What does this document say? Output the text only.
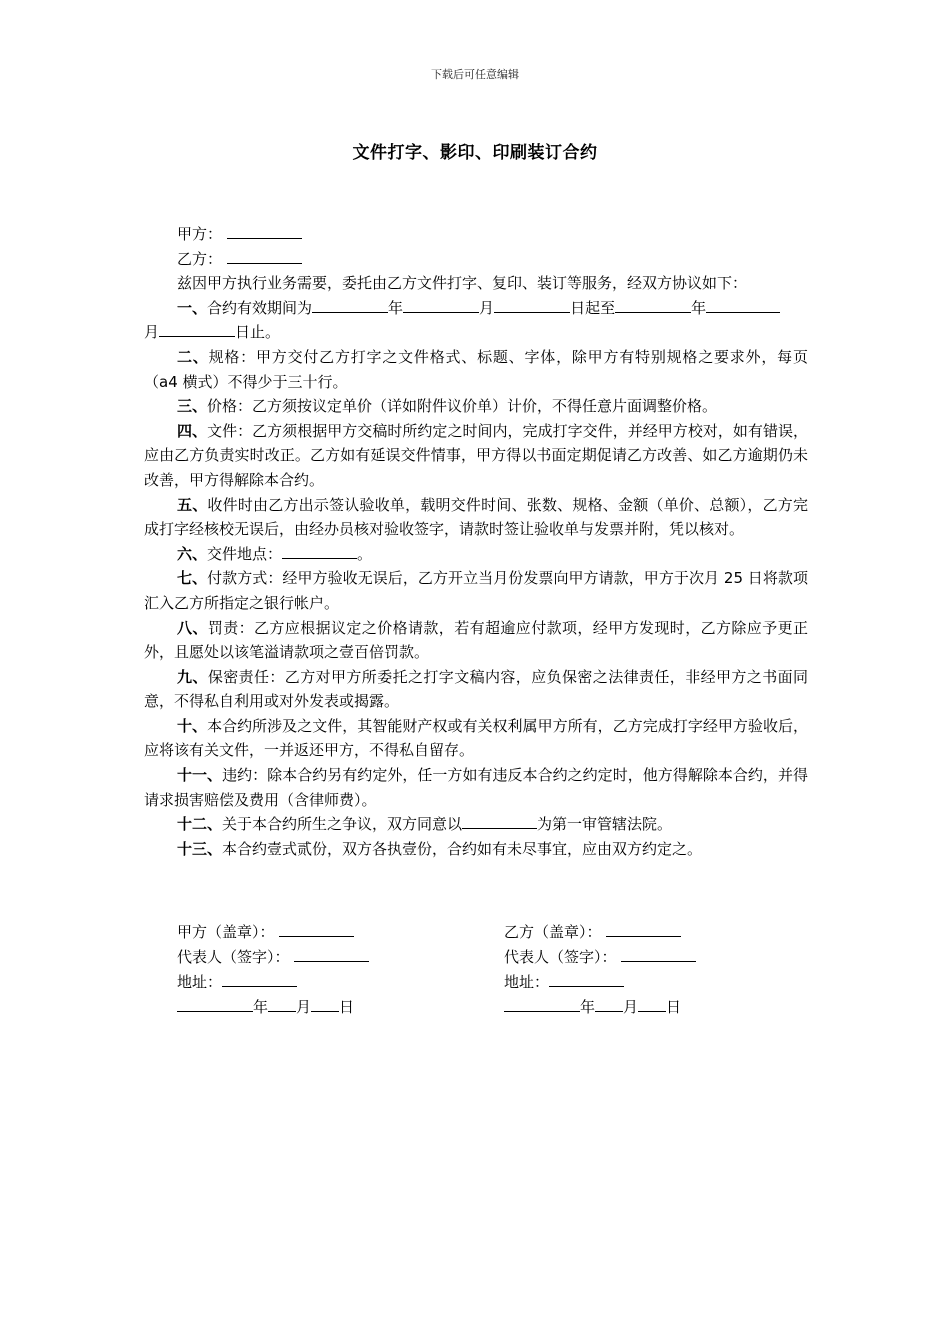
下载后可任意编辑
文件打字、影印、印刷装订合约
甲方：
乙方：
兹因甲方执行业务需要，委托由乙方文件打字、复印、装订等服务，经双方协议如下：
一、合约有效期间为	年	月	日起至	年
月	日止。
二、规格：甲方交付乙方打字之文件格式、标题、字体，除甲方有特别规格之要求外，每页（a4 横式）不得少于三十行。
三、价格：乙方须按议定单价（详如附件议价单）计价，不得任意片面调整价格。
四、文件：乙方须根据甲方交稿时所约定之时间内，完成打字交件，并经甲方校对，如有错误，应由乙方负责实时改正。乙方如有延误交件情事，甲方得以书面定期促请乙方改善、如乙方逾期仍未改善，甲方得解除本合约。
五、收件时由乙方出示签认验收单，载明交件时间、张数、规格、金额（单价、总额），乙方完成打字经核校无误后，由经办员核对验收签字，请款时签让验收单与发票并附，凭以核对。
六、交件地点：	。
七、付款方式：经甲方验收无误后，乙方开立当月份发票向甲方请款，甲方于次月 25 日将款项汇入乙方所指定之银行帐户。
八、罚责：乙方应根据议定之价格请款，若有超逾应付款项，经甲方发现时，乙方除应予更正外，且愿处以该笔溢请款项之壹百倍罚款。
九、保密责任：乙方对甲方所委托之打字文稿内容，应负保密之法律责任，非经甲方之书面同意，不得私自利用或对外发表或揭露。
十、本合约所涉及之文件，其智能财产权或有关权利属甲方所有，乙方完成打字经甲方验收后，应将该有关文件，一并返还甲方，不得私自留存。
十一、违约：除本合约另有约定外，任一方如有违反本合约之约定时，他方得解除本合约，并得请求损害赔偿及费用（含律师费）。
十二、关于本合约所生之争议，双方同意以	为第一审管辖法院。
十三、本合约壹式贰份，双方各执壹份，合约如有未尽事宜，应由双方约定之。
甲方（盖章）：
代表人（签字）：
地址：
年 月 日
乙方（盖章）：
代表人（签字）：
地址：
年 月 日
